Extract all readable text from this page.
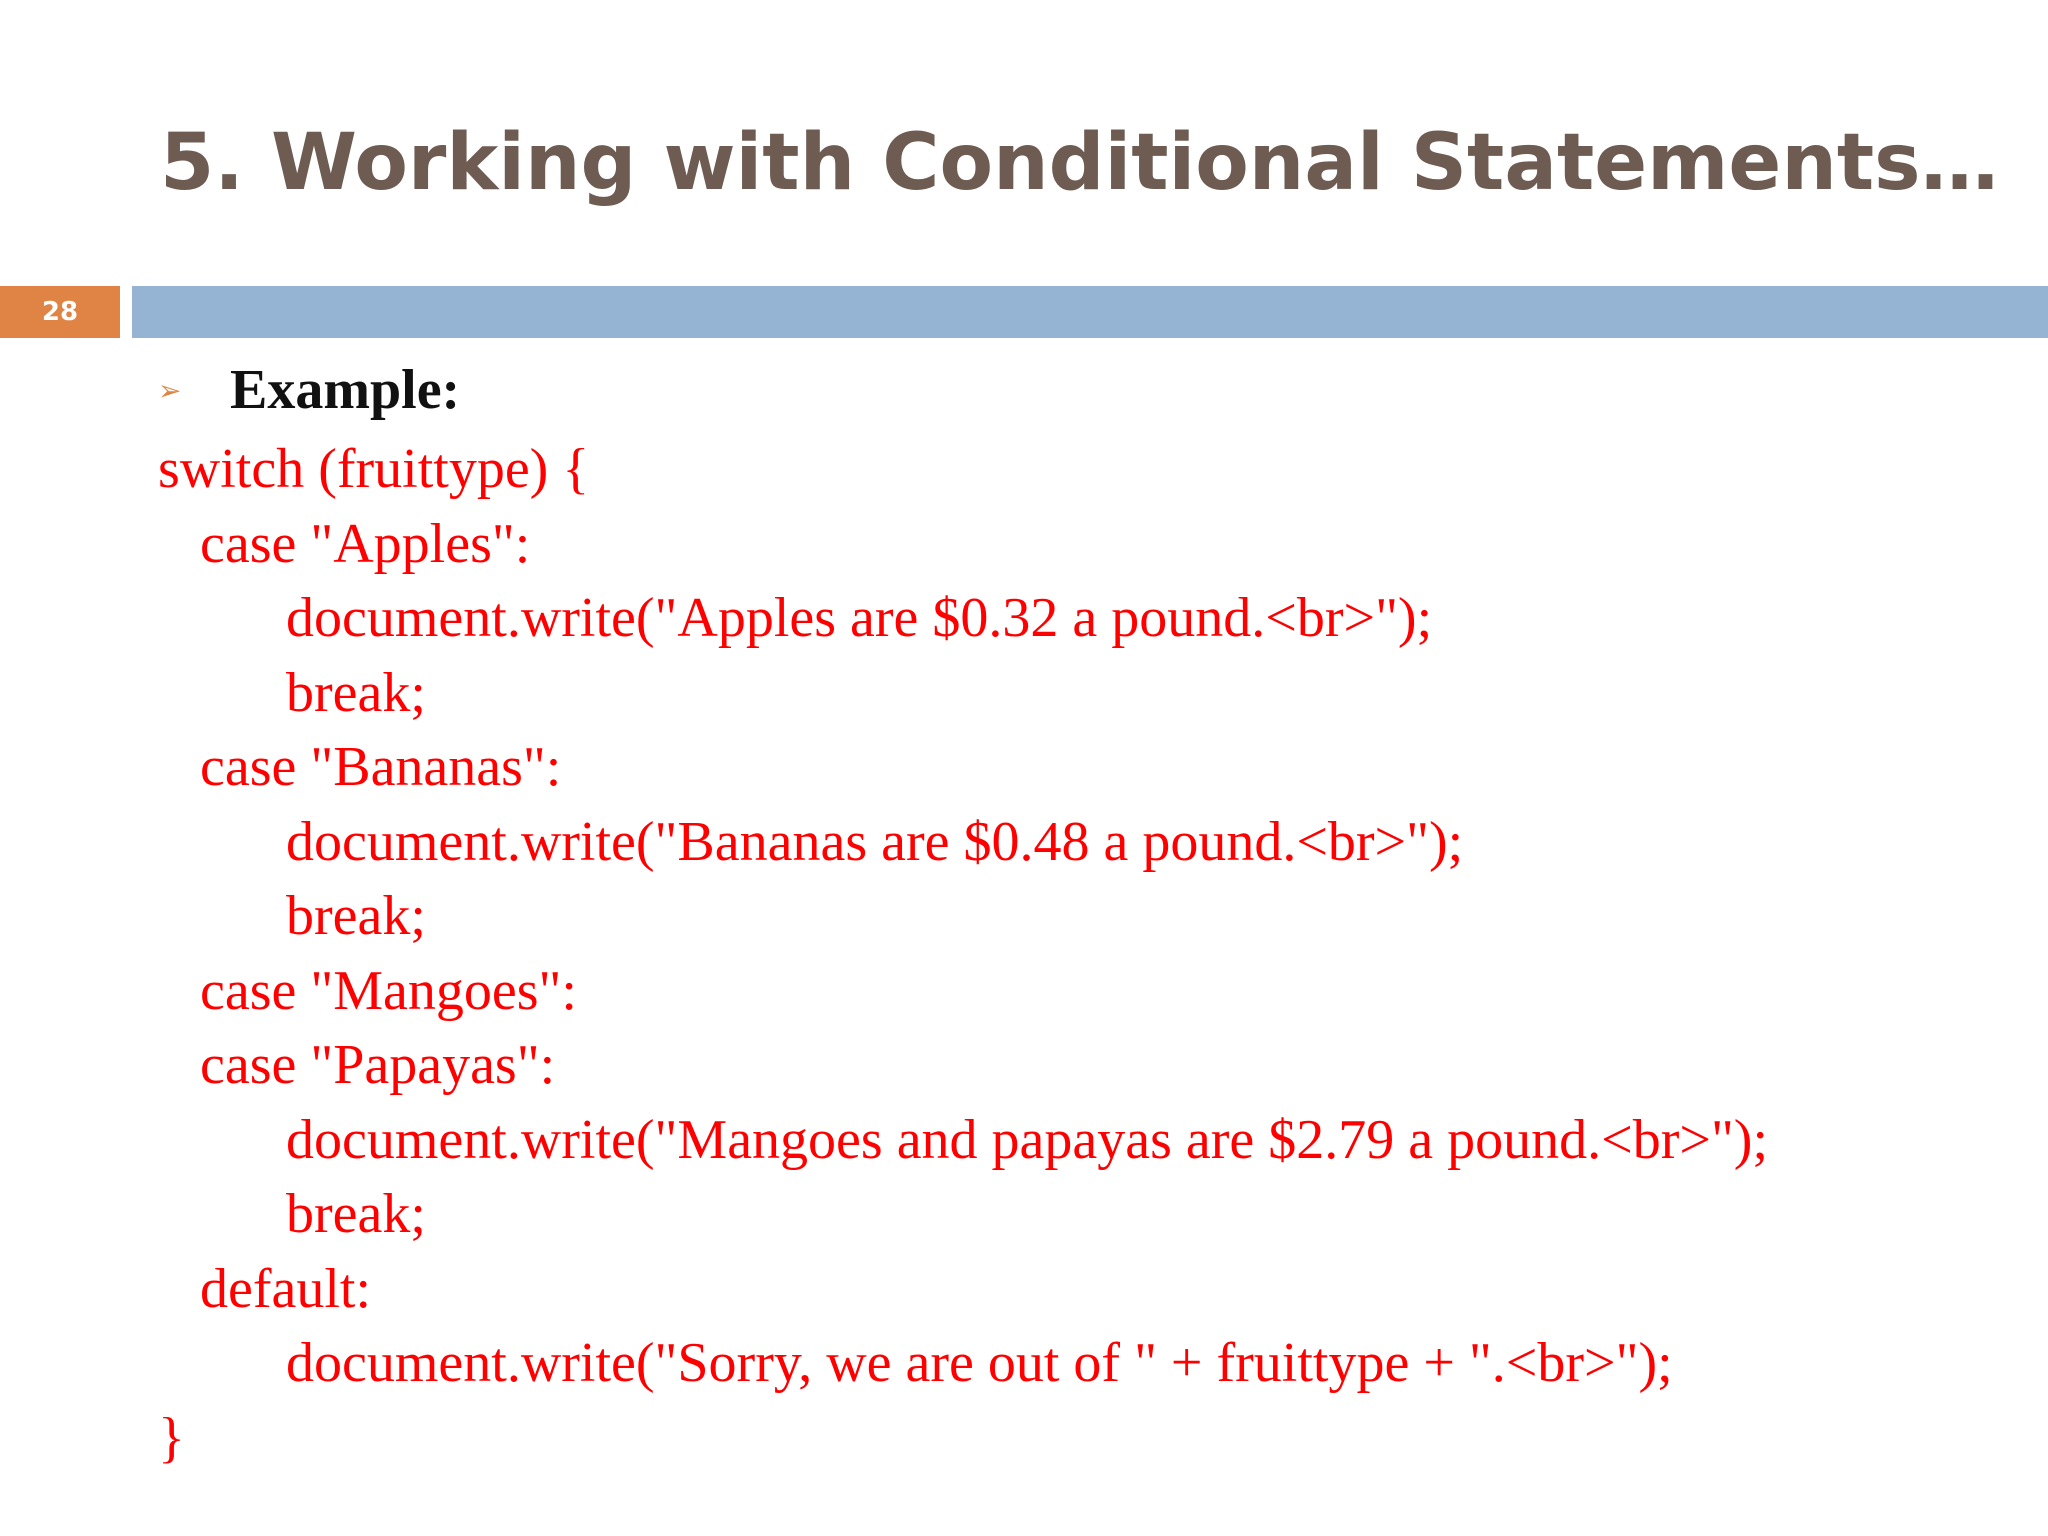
5. Working with Conditional Statements…
28
➢ Example:
switch (fruittype) {
case "Apples":
document.write("Apples are $0.32 a pound.<br>");
break;
case "Bananas":
document.write("Bananas are $0.48 a pound.<br>");
break;
case "Mangoes":
case "Papayas":
document.write("Mangoes and papayas are $2.79 a pound.<br>");
break;
default:
document.write("Sorry, we are out of " + fruittype + ".<br>");
}
